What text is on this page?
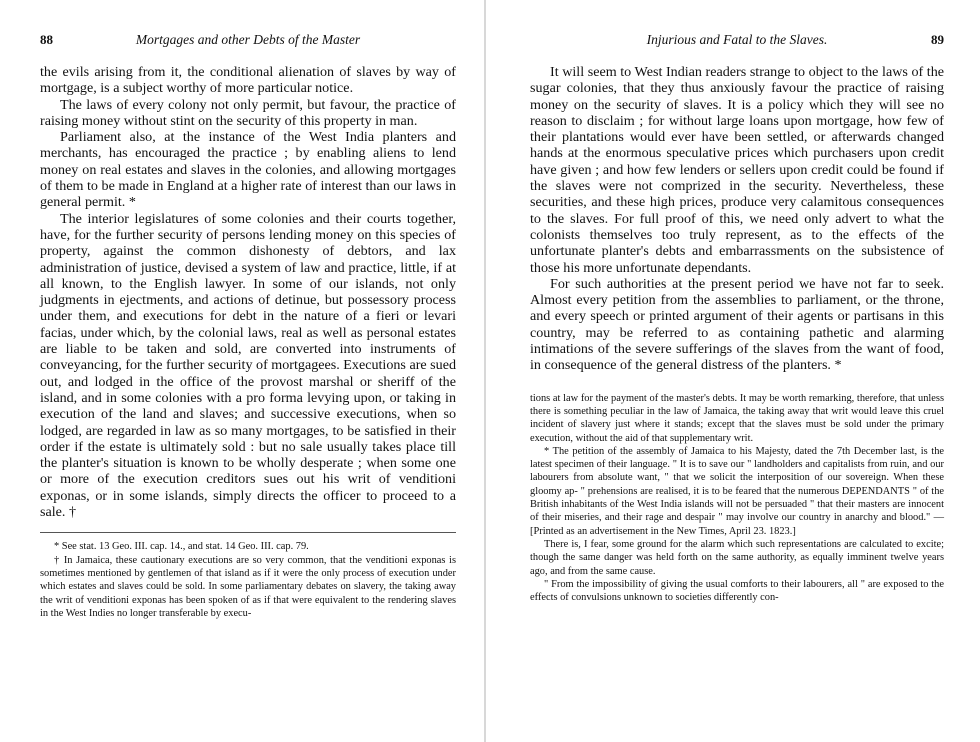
88	Mortgages and other Debts of the Master

the evils arising from it, the conditional alienation of slaves by way of mortgage, is a subject worthy of more particular notice.

The laws of every colony not only permit, but favour, the practice of raising money without stint on the security of this property in man.

Parliament also, at the instance of the West India planters and merchants, has encouraged the practice ; by enabling aliens to lend money on real estates and slaves in the colonies, and allowing mortgages of them to be made in England at a higher rate of interest than our laws in general permit. *

The interior legislatures of some colonies and their courts together, have, for the further security of persons lending money on this species of property, against the common dishonesty of debtors, and lax administration of justice, devised a system of law and practice, little, if at all known, to the English lawyer. In some of our islands, not only judgments in ejectments, and actions of detinue, but possessory process under them, and executions for debt in the nature of a fieri or levari facias, under which, by the colonial laws, real as well as personal estates are liable to be taken and sold, are converted into instruments of conveyancing, for the further security of mortgagees. Executions are sued out, and lodged in the office of the provost marshal or sheriff of the island, and in some colonies with a pro forma levying upon, or taking in execution of the land and slaves; and successive executions, when so lodged, are regarded in law as so many mortgages, to be satisfied in their order if the estate is ultimately sold : but no sale usually takes place till the planter's situation is known to be wholly desperate ; when some one or more of the execution creditors sues out his writ of venditioni exponas, or in some islands, simply directs the officer to proceed to a sale. †

* See stat. 13 Geo. III. cap. 14., and stat. 14 Geo. III. cap. 79.

† In Jamaica, these cautionary executions are so very common, that the venditioni exponas is sometimes mentioned by gentlemen of that island as if it were the only process of execution under which estates and slaves could be sold. In some parliamentary debates on slavery, the taking away the writ of venditioni exponas has been spoken of as if that were equivalent to the rendering slaves in the West Indies no longer transferable by execu-

Injurious and Fatal to the Slaves.	89

It will seem to West Indian readers strange to object to the laws of the sugar colonies, that they thus anxiously favour the practice of raising money on the security of slaves. It is a policy which they will see no reason to disclaim ; for without large loans upon mortgage, how few of their plantations would ever have been settled, or afterwards changed hands at the enormous speculative prices which purchasers upon credit have given ; and how few lenders or sellers upon credit could be found if the slaves were not comprized in the security. Nevertheless, these securities, and these high prices, produce very calamitous consequences to the slaves. For full proof of this, we need only advert to what the colonists themselves too truly represent, as to the effects of the unfortunate planter's debts and embarrassments on the subsistence of those his more unfortunate dependants.

For such authorities at the present period we have not far to seek. Almost every petition from the assemblies to parliament, or the throne, and every speech or printed argument of their agents or partisans in this country, may be referred to as containing pathetic and alarming intimations of the severe sufferings of the slaves from the want of food, in consequence of the general distress of the planters. *

tions at law for the payment of the master's debts. It may be worth remarking, therefore, that unless there is something peculiar in the law of Jamaica, the taking away that writ would leave this cruel incident of slavery just where it stands; except that the slaves must be sold under the primary execution, without the aid of that supplementary writ.

* The petition of the assembly of Jamaica to his Majesty, dated the 7th December last, is the latest specimen of their language. " It is to save our " landholders and capitalists from ruin, and our labourers from absolute want, " that we solicit the interposition of our sovereign. When these gloomy ap- " prehensions are realised, it is to be feared that the numerous DEPENDANTS " of the British inhabitants of the West India islands will not be persuaded " that their masters are innocent of their miseries, and their rage and despair " may involve our country in anarchy and blood." — [Printed as an advertisement in the New Times, April 23. 1823.]

There is, I fear, some ground for the alarm which such representations are calculated to excite; though the same danger was held forth on the same authority, as equally imminent twelve years ago, and from the same cause.

" From the impossibility of giving the usual comforts to their labourers, all " are exposed to the effects of convulsions unknown to societies differently con-
